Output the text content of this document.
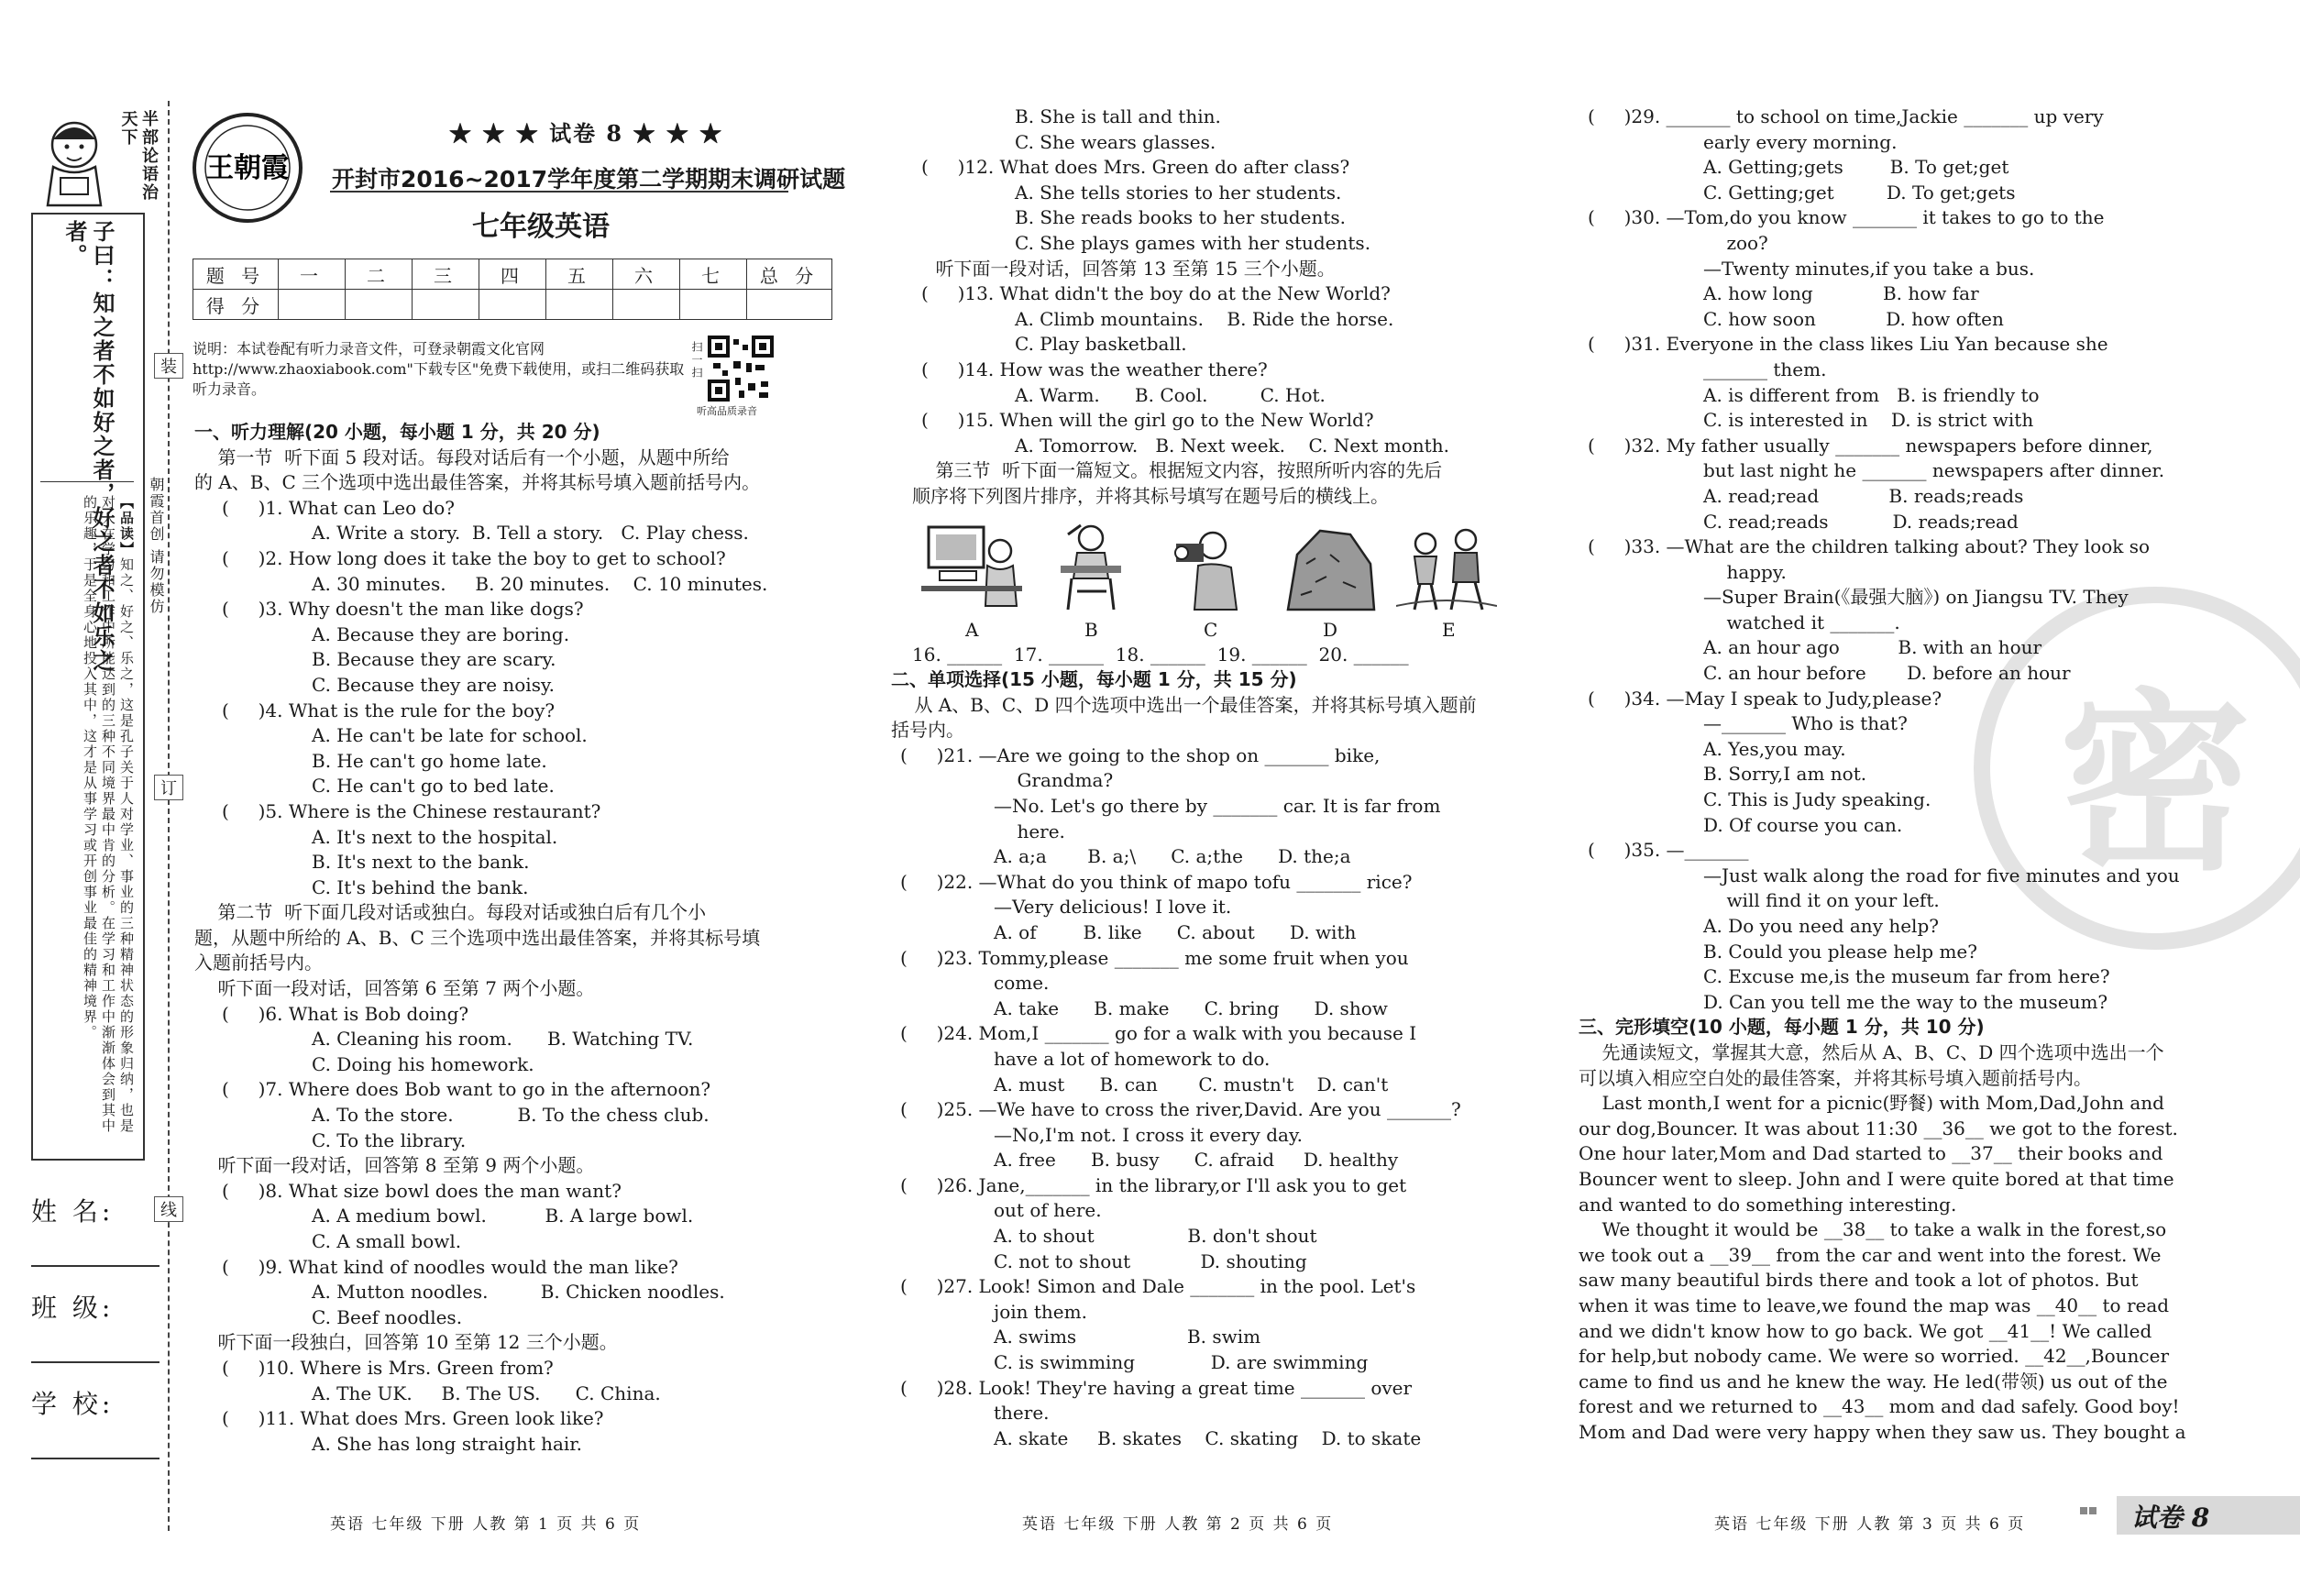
半部论语治天下
子曰：知之者不如好之者，好之者不如乐之者。
【品读】知之、好之、乐之，这是孔子关于人对学业、事业的三种精神状态的形象归纳，也是对人在学习和工作中所能达到的三种不同境界最中肯的分析。在学习和工作中渐渐体会到其中的乐趣，于是全身心地投入其中，这才是从事学习或开创事业最佳的精神境界。	朝霞首创 请勿模仿
姓 名:
班 级:
学 校:
装
订
线
王朝霞
★ ★ ★ 试卷 8 ★ ★ ★
开封市2016~2017学年度第二学期期末调研试题
七年级英语
题 号	一	二	三	四	五	六	七	总 分
得 分								
说明：本试卷配有听力录音文件，可登录朝霞文化官网 http://www.zhaoxiabook.com"下载专区"免费下载使用，或扫二维码获取听力录音。
扫一扫
听高品质录音

一、听力理解(20 小题，每小题 1 分，共 20 分)

第一节  听下面 5 段对话。每段对话后有一个小题，从题中所给

的 A、B、C 三个选项中选出最佳答案，并将其标号填入题前括号内。

(     )1. What can Leo do?

A. Write a story.  B. Tell a story.   C. Play chess.

(     )2. How long does it take the boy to get to school?

A. 30 minutes.     B. 20 minutes.    C. 10 minutes.

(     )3. Why doesn't the man like dogs?

A. Because they are boring.

B. Because they are scary.

C. Because they are noisy.

(     )4. What is the rule for the boy?

A. He can't be late for school.

B. He can't go home late.

C. He can't go to bed late.

(     )5. Where is the Chinese restaurant?

A. It's next to the hospital.

B. It's next to the bank.

C. It's behind the bank.

第二节  听下面几段对话或独白。每段对话或独白后有几个小

题，从题中所给的 A、B、C 三个选项中选出最佳答案，并将其标号填

入题前括号内。

听下面一段对话，回答第 6 至第 7 两个小题。

(     )6. What is Bob doing?

A. Cleaning his room.      B. Watching TV.

C. Doing his homework.

(     )7. Where does Bob want to go in the afternoon?

A. To the store.           B. To the chess club.

C. To the library.

听下面一段对话，回答第 8 至第 9 两个小题。

(     )8. What size bowl does the man want?

A. A medium bowl.          B. A large bowl.

C. A small bowl.

(     )9. What kind of noodles would the man like?

A. Mutton noodles.         B. Chicken noodles.

C. Beef noodles.

听下面一段独白，回答第 10 至第 12 三个小题。

(     )10. Where is Mrs. Green from?

A. The UK.     B. The US.      C. China.

(     )11. What does Mrs. Green look like?

A. She has long straight hair.

B. She is tall and thin.

C. She wears glasses.

(     )12. What does Mrs. Green do after class?

A. She tells stories to her students.

B. She reads books to her students.

C. She plays games with her students.

听下面一段对话，回答第 13 至第 15 三个小题。

(     )13. What didn't the boy do at the New World?

A. Climb mountains.    B. Ride the horse.

C. Play basketball.

(     )14. How was the weather there?

A. Warm.      B. Cool.         C. Hot.

(     )15. When will the girl go to the New World?

A. Tomorrow.   B. Next week.    C. Next month.

第三节  听下面一篇短文。根据短文内容，按照所听内容的先后

顺序将下列图片排序，并将其标号填写在题号后的横线上。

A	B	C	D	E
16. ______  17. ______  18. ______  19. ______  20. ______

二、单项选择(15 小题，每小题 1 分，共 15 分)

从 A、B、C、D 四个选项中选出一个最佳答案，并将其标号填入题前

括号内。

(     )21. —Are we going to the shop on _______ bike,

Grandma?

—No. Let's go there by _______ car. It is far from

here.

A. a;a       B. a;\      C. a;the      D. the;a

(     )22. —What do you think of mapo tofu _______ rice?

—Very delicious! I love it.

A. of        B. like      C. about      D. with

(     )23. Tommy,please _______ me some fruit when you

come.

A. take      B. make      C. bring      D. show

(     )24. Mom,I _______ go for a walk with you because I

have a lot of homework to do.

A. must      B. can       C. mustn't    D. can't

(     )25. —We have to cross the river,David. Are you _______?

—No,I'm not. I cross it every day.

A. free      B. busy      C. afraid     D. healthy

(     )26. Jane,_______ in the library,or I'll ask you to get

out of here.

A. to shout                B. don't shout

C. not to shout            D. shouting

(     )27. Look! Simon and Dale _______ in the pool. Let's

join them.

A. swims                   B. swim

C. is swimming             D. are swimming

(     )28. Look! They're having a great time _______ over

there.

A. skate     B. skates    C. skating    D. to skate

密

(     )29. _______ to school on time,Jackie _______ up very

early every morning.

A. Getting;gets        B. To get;get

C. Getting;get         D. To get;gets

(     )30. —Tom,do you know _______ it takes to go to the

zoo?

—Twenty minutes,if you take a bus.

A. how long            B. how far

C. how soon            D. how often

(     )31. Everyone in the class likes Liu Yan because she

_______ them.

A. is different from   B. is friendly to

C. is interested in    D. is strict with

(     )32. My father usually _______ newspapers before dinner,

but last night he _______ newspapers after dinner.

A. read;read            B. reads;reads

C. read;reads           D. reads;read

(     )33. —What are the children talking about? They look so

happy.

—Super Brain(《最强大脑》) on Jiangsu TV. They

watched it _______.

A. an hour ago          B. with an hour

C. an hour before       D. before an hour

(     )34. —May I speak to Judy,please?

—_______ Who is that?

A. Yes,you may.

B. Sorry,I am not.

C. This is Judy speaking.

D. Of course you can.

(     )35. —_______

—Just walk along the road for five minutes and you

will find it on your left.

A. Do you need any help?

B. Could you please help me?

C. Excuse me,is the museum far from here?

D. Can you tell me the way to the museum?

三、完形填空(10 小题，每小题 1 分，共 10 分)

先通读短文，掌握其大意，然后从 A、B、C、D 四个选项中选出一个

可以填入相应空白处的最佳答案，并将其标号填入题前括号内。

Last month,I went for a picnic(野餐) with Mom,Dad,John and

our dog,Bouncer. It was about 11:30 __36__ we got to the forest.

One hour later,Mom and Dad started to __37__ their books and

Bouncer went to sleep. John and I were quite bored at that time

and wanted to do something interesting.

We thought it would be __38__ to take a walk in the forest,so

we took out a __39__ from the car and went into the forest. We

saw many beautiful birds there and took a lot of photos. But

when it was time to leave,we found the map was __40__ to read

and we didn't know how to go back. We got __41__! We called

for help,but nobody came. We were so worried. __42__,Bouncer

came to find us and he knew the way. He led(带领) us out of the

forest and we returned to __43__ mom and dad safely. Good boy!

Mom and Dad were very happy when they saw us. They bought a

英语 七年级 下册 人教 第 1 页 共 6 页	英语 七年级 下册 人教 第 2 页 共 6 页	英语 七年级 下册 人教 第 3 页 共 6 页	试卷 8
